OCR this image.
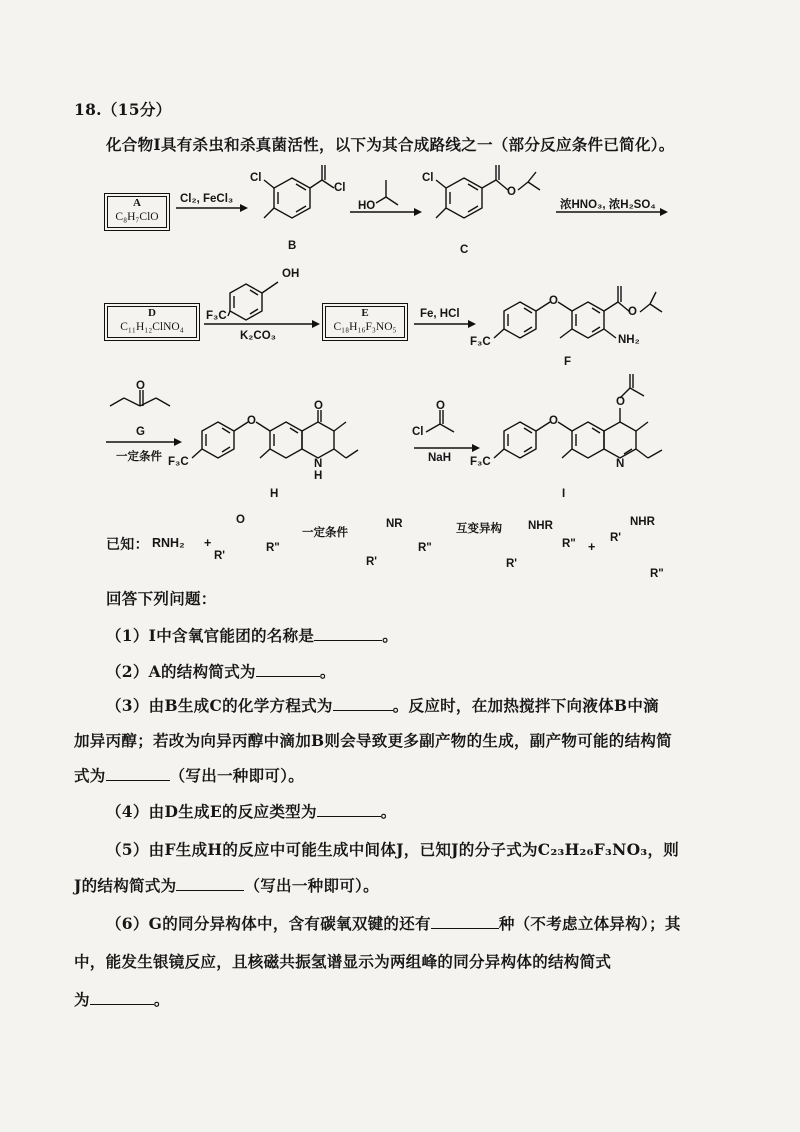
18.（15分）
化合物I具有杀虫和杀真菌活性，以下为其合成路线之一（部分反应条件已简化）。
A
C₈H₇ClO
D
C₁₁H₁₂ClNO₄
E
C₁₈H₁₆F₃NO₅
Cl₂, FeCl₃
Cl
Cl
B
HO
Cl
O
C
浓HNO₃, 浓H₂SO₄
OH
F₃C
K₂CO₃
Fe, HCl
F₃C
O
O
NH₂
F
G
O
一定条件 F₃C
O
O
N
H
H
Cl
O
NaH F₃C
O
O
N
I
已知： RNH₂ +
O
R'
R"
一定条件
NR
R'
R"
互变异构 NHR
R'
R" +
NHR
R'
R"
回答下列问题：
（1）I中含氧官能团的名称是	。
（2）A的结构简式为	。
（3）由B生成C的化学方程式为	。反应时，在加热搅拌下向液体B中滴
加异丙醇；若改为向异丙醇中滴加B则会导致更多副产物的生成，副产物可能的结构简
式为	（写出一种即可）。
（4）由D生成E的反应类型为	。
（5）由F生成H的反应中可能生成中间体J，已知J的分子式为C₂₃H₂₆F₃NO₃，则
J的结构简式为	（写出一种即可）。
（6）G的同分异构体中，含有碳氧双键的还有	种（不考虑立体异构）；其
中，能发生银镜反应，且核磁共振氢谱显示为两组峰的同分异构体的结构简式
为	。
